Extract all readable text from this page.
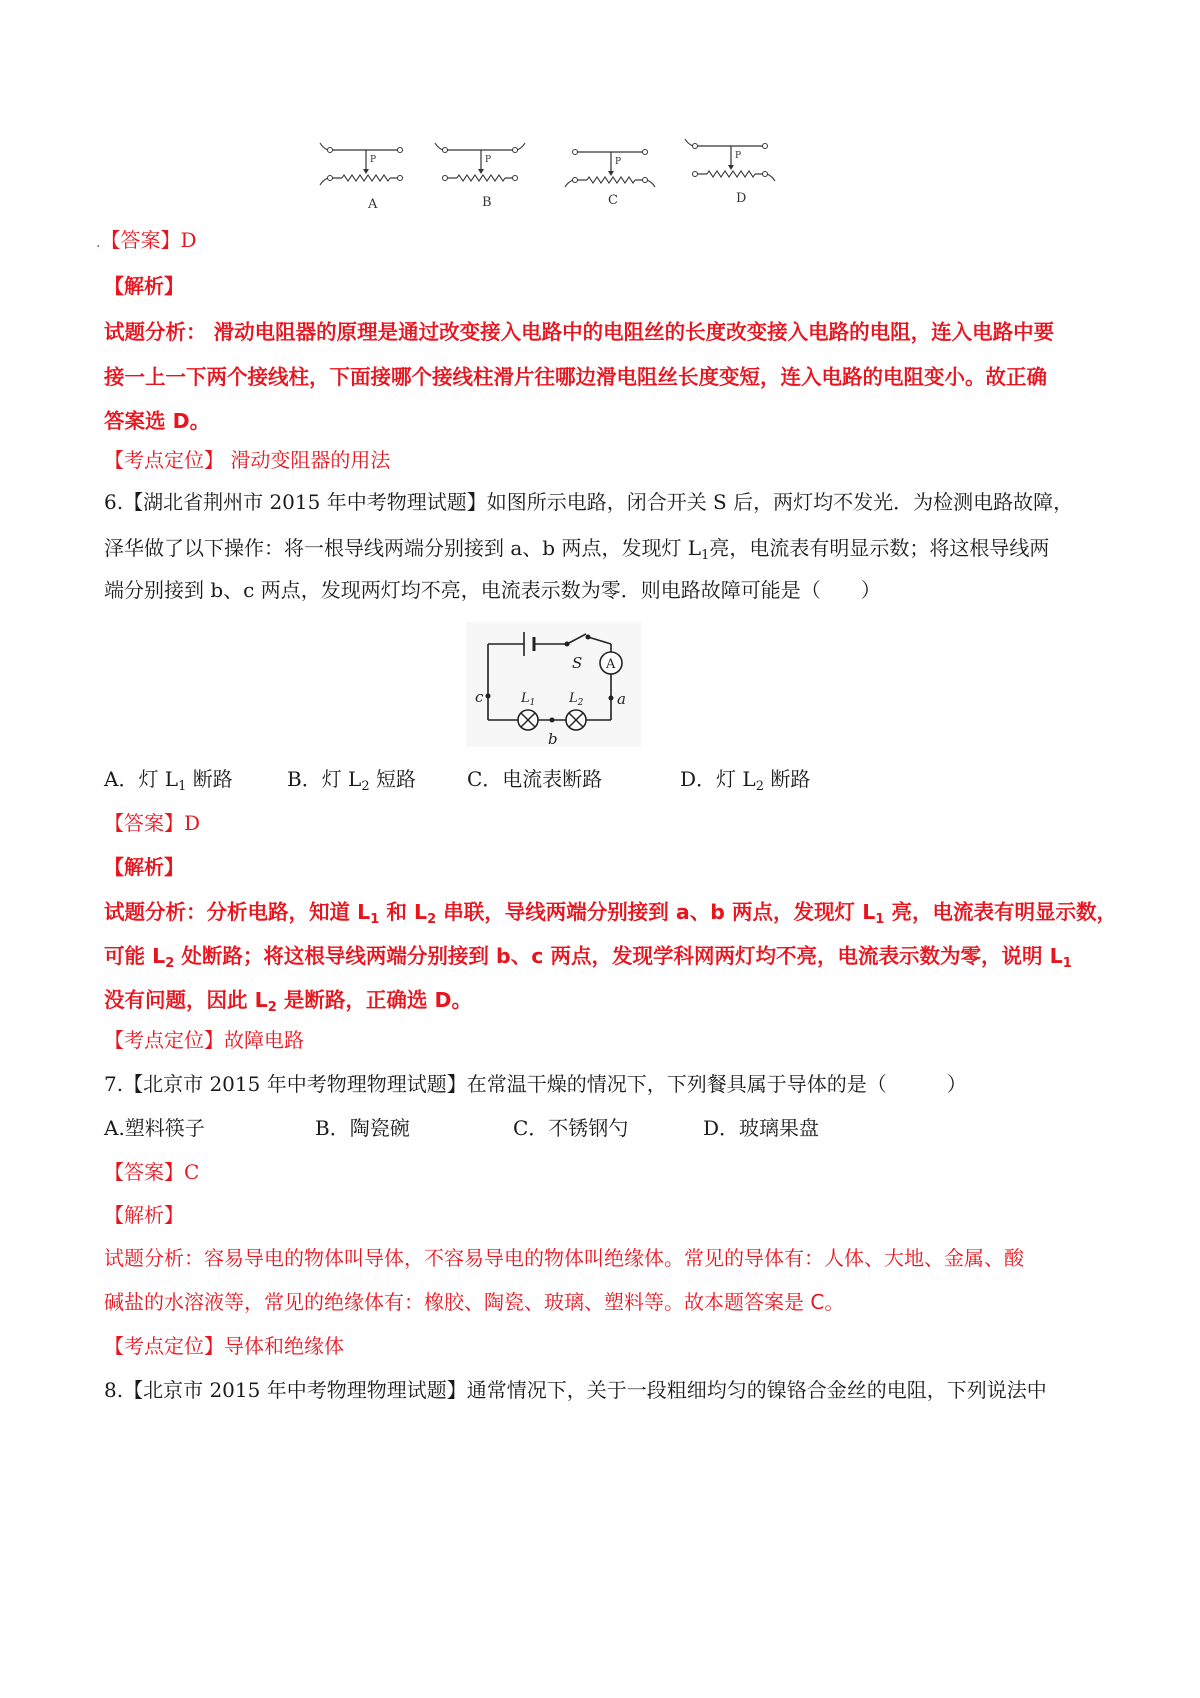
P	P	P
P
A	B	C	D
.【答案】D
【解析】
试题分析： 滑动电阻器的原理是通过改变接入电路中的电阻丝的长度改变接入电路的电阻，连入电路中要
接一上一下两个接线柱，下面接哪个接线柱滑片往哪边滑电阻丝长度变短，连入电路的电阻变小。故正确
答案选 D。
【考点定位】 滑动变阻器的用法
6.【湖北省荆州市 2015 年中考物理试题】如图所示电路，闭合开关 S 后，两灯均不发光．为检测电路故障，
泽华做了以下操作：将一根导线两端分别接到 a、b 两点，发现灯 $L_1$亮，电流表有明显示数；将这根导线两
端分别接到 b、c 两点，发现两灯均不亮，电流表示数为零．则电路故障可能是（　　）
A
S
a
b
c	$L_1$	$L_2$
A．灯 $L_1$ 断路	B．灯 $L_2$ 短路	C．电流表断路	D．灯 $L_2$ 断路
【答案】D
【解析】
试题分析：分析电路，知道 $L_1$ 和 $L_2$ 串联，导线两端分别接到 a、b 两点，发现灯 $L_1$ 亮，电流表有明显示数，
可能 $L_2$ 处断路；将这根导线两端分别接到 b、c 两点，发现学科网两灯均不亮，电流表示数为零，说明 $L_1$
没有问题，因此 $L_2$ 是断路，正确选 D。
【考点定位】故障电路
7.【北京市 2015 年中考物理物理试题】在常温干燥的情况下，下列餐具属于导体的是（　　　）
A.塑料筷子	B．陶瓷碗	C．不锈钢勺	D．玻璃果盘
【答案】C
【解析】
试题分析：容易导电的物体叫导体，不容易导电的物体叫绝缘体。常见的导体有：人体、大地、金属、酸
碱盐的水溶液等，常见的绝缘体有：橡胶、陶瓷、玻璃、塑料等。故本题答案是 C。
【考点定位】导体和绝缘体
8.【北京市 2015 年中考物理物理试题】通常情况下，关于一段粗细均匀的镍铬合金丝的电阻，下列说法中
